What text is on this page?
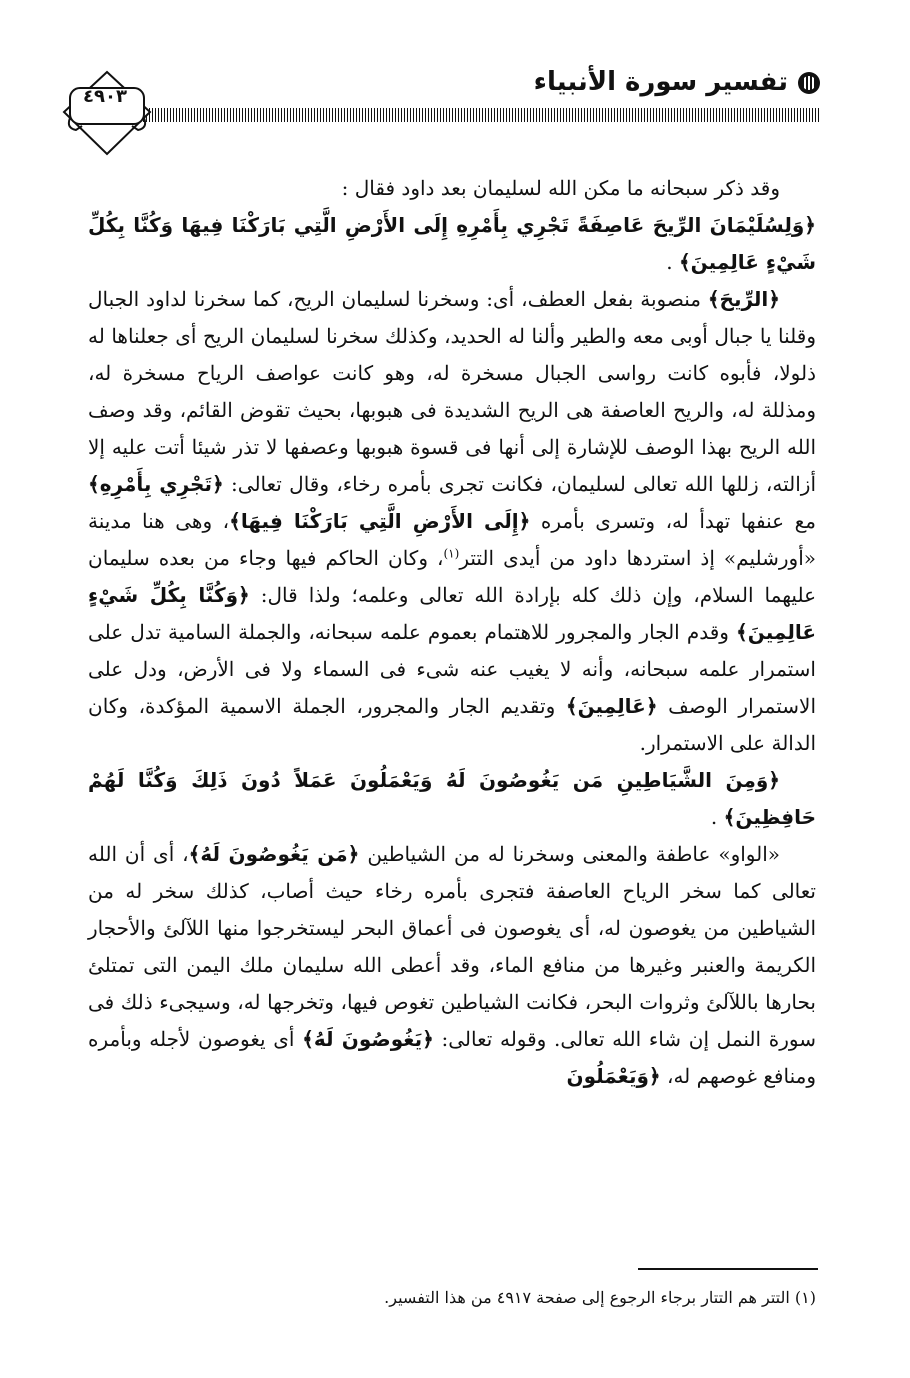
تفسير سورة الأنبياء
٤٩٠٣

وقد ذكر سبحانه ما مكن الله لسليمان بعد داود فقال :

﴿وَلِسُلَيْمَانَ الرِّيحَ عَاصِفَةً تَجْرِي بِأَمْرِهِ إِلَى الأَرْضِ الَّتِي بَارَكْنَا فِيهَا وَكُنَّا بِكُلِّ شَيْءٍ عَالِمِينَ﴾ .

﴿الرِّيحَ﴾ منصوبة بفعل العطف، أى: وسخرنا لسليمان الريح، كما سخرنا لداود الجبال وقلنا يا جبال أوبى معه والطير وألنا له الحديد، وكذلك سخرنا لسليمان الريح أى جعلناها له ذلولا، فأبوه كانت رواسى الجبال مسخرة له، وهو كانت عواصف الرياح مسخرة له، ومذللة له، والريح العاصفة هى الريح الشديدة فى هبوبها، بحيث تقوض القائم، وقد وصف الله الريح بهذا الوصف للإشارة إلى أنها فى قسوة هبوبها وعصفها لا تذر شيئا أتت عليه إلا أزالته، زللها الله تعالى لسليمان، فكانت تجرى بأمره رخاء، وقال تعالى: ﴿تَجْرِي بِأَمْرِهِ﴾ مع عنفها تهدأ له، وتسرى بأمره ﴿إِلَى الأَرْضِ الَّتِي بَارَكْنَا فِيهَا﴾، وهى هنا مدينة «أورشليم» إذ استردها داود من أيدى التتر$^{(١)}$، وكان الحاكم فيها وجاء من بعده سليمان عليهما السلام، وإن ذلك كله بإرادة الله تعالى وعلمه؛ ولذا قال: ﴿وَكُنَّا بِكُلِّ شَيْءٍ عَالِمِينَ﴾ وقدم الجار والمجرور للاهتمام بعموم علمه سبحانه، والجملة السامية تدل على استمرار علمه سبحانه، وأنه لا يغيب عنه شىء فى السماء ولا فى الأرض، ودل على الاستمرار الوصف ﴿عَالِمِينَ﴾ وتقديم الجار والمجرور، الجملة الاسمية المؤكدة، وكان الدالة على الاستمرار.

﴿وَمِنَ الشَّيَاطِينِ مَن يَغُوصُونَ لَهُ وَيَعْمَلُونَ عَمَلاً دُونَ ذَلِكَ وَكُنَّا لَهُمْ حَافِظِينَ﴾ .

«الواو» عاطفة والمعنى وسخرنا له من الشياطين ﴿مَن يَغُوصُونَ لَهُ﴾، أى أن الله تعالى كما سخر الرياح العاصفة فتجرى بأمره رخاء حيث أصاب، كذلك سخر له من الشياطين من يغوصون له، أى يغوصون فى أعماق البحر ليستخرجوا منها اللآلئ والأحجار الكريمة والعنبر وغيرها من منافع الماء، وقد أعطى الله سليمان ملك اليمن التى تمتلئ بحارها باللآلئ وثروات البحر، فكانت الشياطين تغوص فيها، وتخرجها له، وسيجىء ذلك فى سورة النمل إن شاء الله تعالى. وقوله تعالى: ﴿يَغُوصُونَ لَهُ﴾ أى يغوصون لأجله وبأمره ومنافع غوصهم له، ﴿وَيَعْمَلُونَ

(١) التتر هم التتار برجاء الرجوع إلى صفحة ٤٩١٧ من هذا التفسير.
